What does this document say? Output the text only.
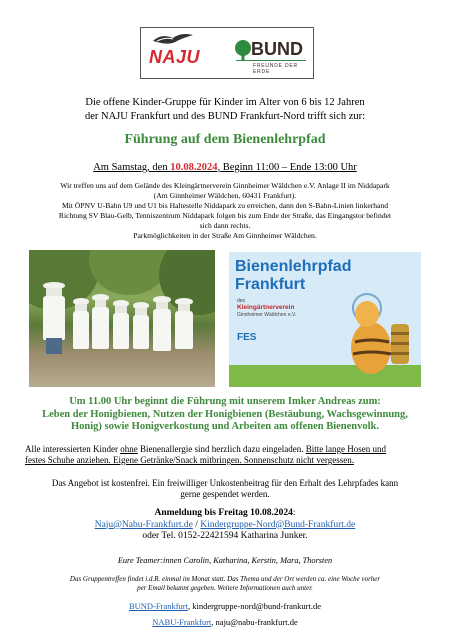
NAJU	BUND
FREUNDE DER ERDE
Die offene Kinder-Gruppe für Kinder im Alter von 6 bis 12 Jahren
der NAJU Frankfurt und des BUND Frankfurt-Nord trifft sich zur:
Führung auf dem Bienenlehrpfad
Am Samstag, den 10.08.2024, Beginn 11:00 – Ende 13:00 Uhr
Wir treffen uns auf dem Gelände des Kleingärtnerverein Ginnheimer Wäldchen e.V. Anlage II im Niddapark
(Am Ginnheimer Wäldchen, 60431 Frankfurt).
Mit ÖPNV U-Bahn U9 und U1 bis Haltestelle Niddapark zu erreichen, dann den S-Bahn-Linien linkerhand
Richtung SV Blau-Gelb, Tenniszentrum Niddapark folgen bis zum Ende der Straße, das Eingangstor befindet
sich dann rechts.
Parkmöglichkeiten in der Straße Am Ginnheimer Wäldchen.
Bienenlehrpfad
Frankfurt
des
Kleingärtnerverein
Ginnheimer Wäldchen e.V.
FES
Um 11.00 Uhr beginnt die Führung mit unserem Imker Andreas zum:
Leben der Honigbienen, Nutzen der Honigbienen (Bestäubung, Wachsgewinnung,
Honig) sowie Honigverkostung und Arbeiten am offenen Bienenvolk.
Alle interessierten Kinder ohne Bienenallergie sind herzlich dazu eingeladen. Bitte lange Hosen und
festes Schuhe anziehen. Eigene Getränke/Snack mitbringen. Sonnenschutz nicht vergessen.
Das Angebot ist kostenfrei. Ein freiwilliger Unkostenbeitrag für den Erhalt des Lehrpfades kann
gerne gespendet werden.
Anmeldung bis Freitag 10.08.2024:
Naju@Nabu-Frankfurt.de / Kindergruppe-Nord@Bund-Frankfurt.de
oder Tel. 0152-22421594 Katharina Junker.
Eure Teamer:innen Carolin, Katharina, Kerstin, Mara, Thorsten
Das Gruppentreffen findet i.d.R. einmal im Monat statt. Das Thema und der Ort werden ca. eine Woche vorher
per Email bekannt gegeben. Weitere Informationen auch unter.
BUND-Frankfurt, kindergruppe-nord@bund-frankurt.de
NABU-Frankfurt, naju@nabu-frankfurt.de
